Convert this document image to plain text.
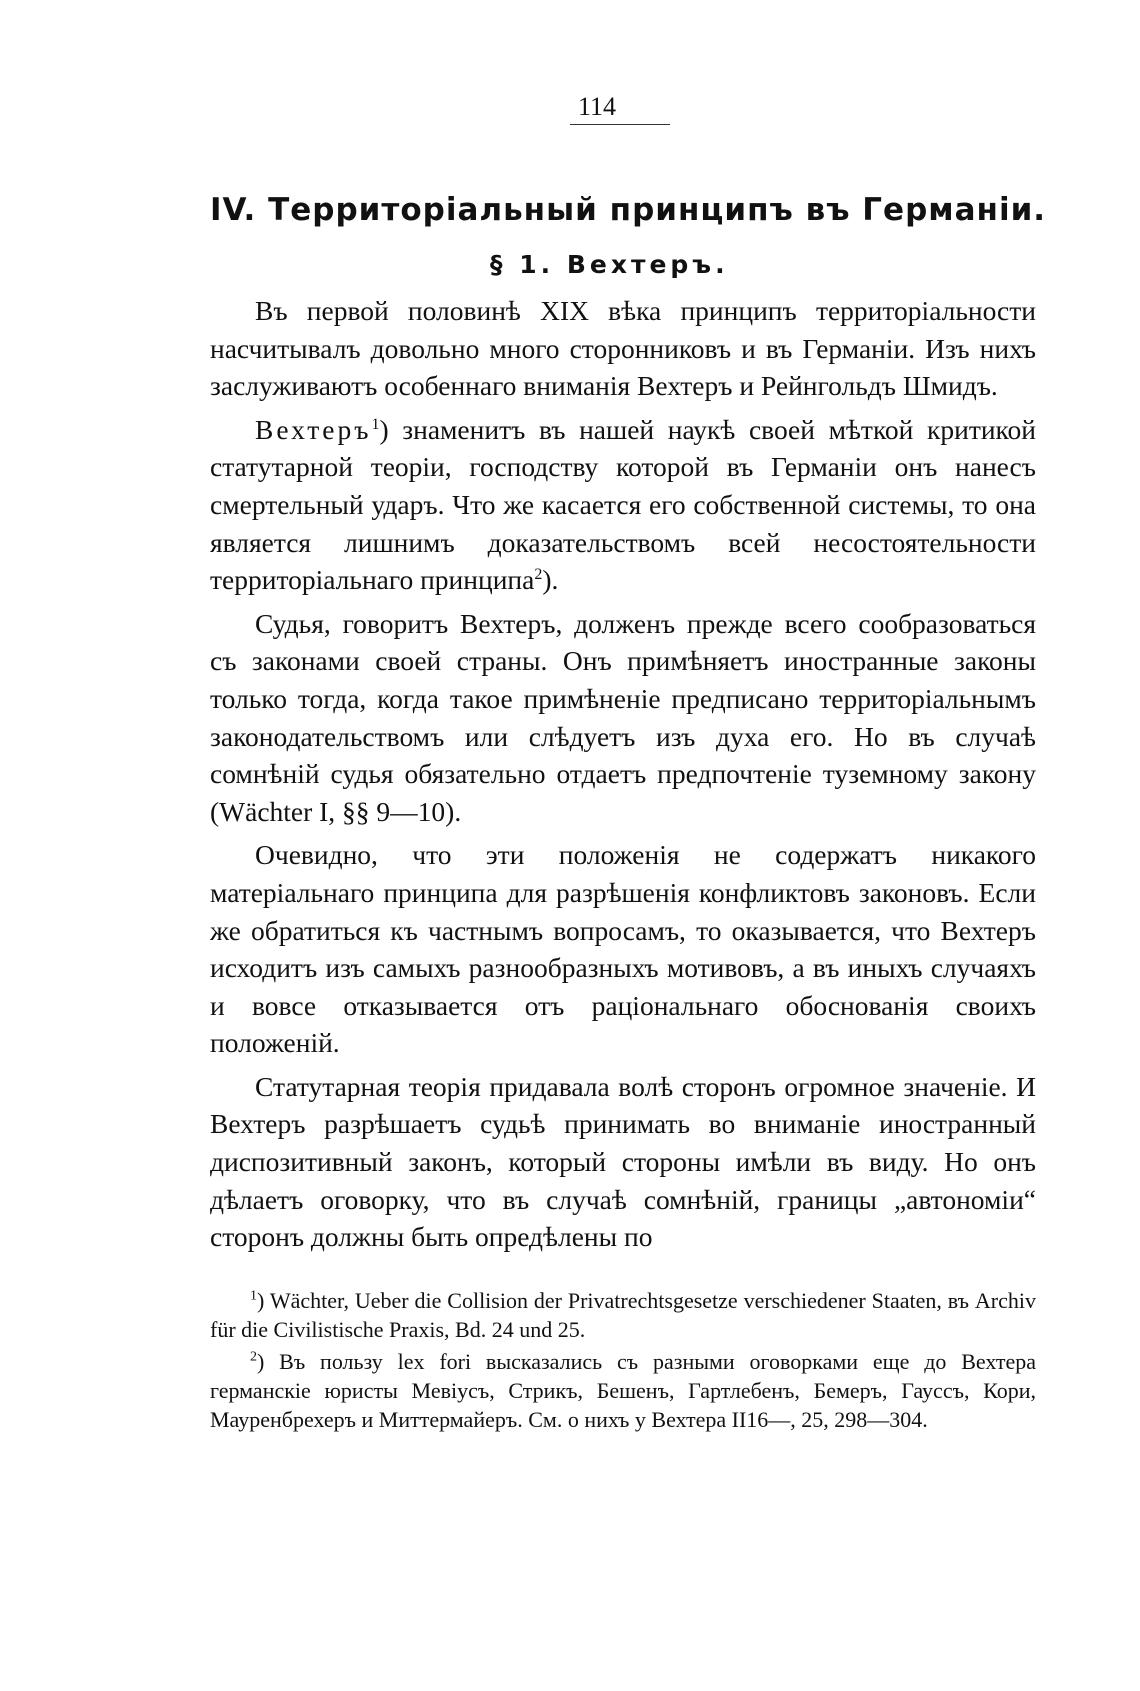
114
IV. Территоріальный принципъ въ Германіи.
§ 1. Вехтеръ.

Въ первой половинѣ XIX вѣка принципъ территоріальности насчитывалъ довольно много сторонниковъ и въ Германіи. Изъ нихъ заслуживаютъ особеннаго вниманія Вехтеръ и Рейнгольдъ Шмидъ.

Вехтеръ$^1$) знаменитъ въ нашей наукѣ своей мѣткой критикой статутарной теоріи, господству которой въ Германіи онъ нанесъ смертельный ударъ. Что же касается его собственной системы, то она является лишнимъ доказательствомъ всей несостоятельности территоріальнаго принципа$^2$).

Судья, говоритъ Вехтеръ, долженъ прежде всего сообразоваться съ законами своей страны. Онъ примѣняетъ иностранные законы только тогда, когда такое примѣненіе предписано территоріальнымъ законодательствомъ или слѣдуетъ изъ духа его. Но въ случаѣ сомнѣній судья обязательно отдаетъ предпочтеніе туземному закону (Wächter I, §§ 9—10).

Очевидно, что эти положенія не содержатъ никакого матеріальнаго принципа для разрѣшенія конфликтовъ законовъ. Если же обратиться къ частнымъ вопросамъ, то оказывается, что Вехтеръ исходитъ изъ самыхъ разнообразныхъ мотивовъ, а въ иныхъ случаяхъ и вовсе отказывается отъ раціональнаго обоснованія своихъ положеній.

Статутарная теорія придавала волѣ сторонъ огромное значеніе. И Вехтеръ разрѣшаетъ судьѣ принимать во вниманіе иностранный диспозитивный законъ, который стороны имѣли въ виду. Но онъ дѣлаетъ оговорку, что въ случаѣ сомнѣній, границы „автономіи“ сторонъ должны быть опредѣлены по

$^1$) Wächter, Ueber die Collision der Privatrechtsgesetze verschiedener Staaten, въ Archiv für die Civilistische Praxis, Bd. 24 und 25.

$^2$) Въ пользу lex fori высказались съ разными оговорками еще до Вехтера германскіе юристы Мевіусъ, Стрикъ, Бешенъ, Гартлебенъ, Бемеръ, Гауссъ, Кори, Мауренбрехеръ и Миттермайеръ. См. о нихъ у Вехтера II16—, 25, 298—304.
